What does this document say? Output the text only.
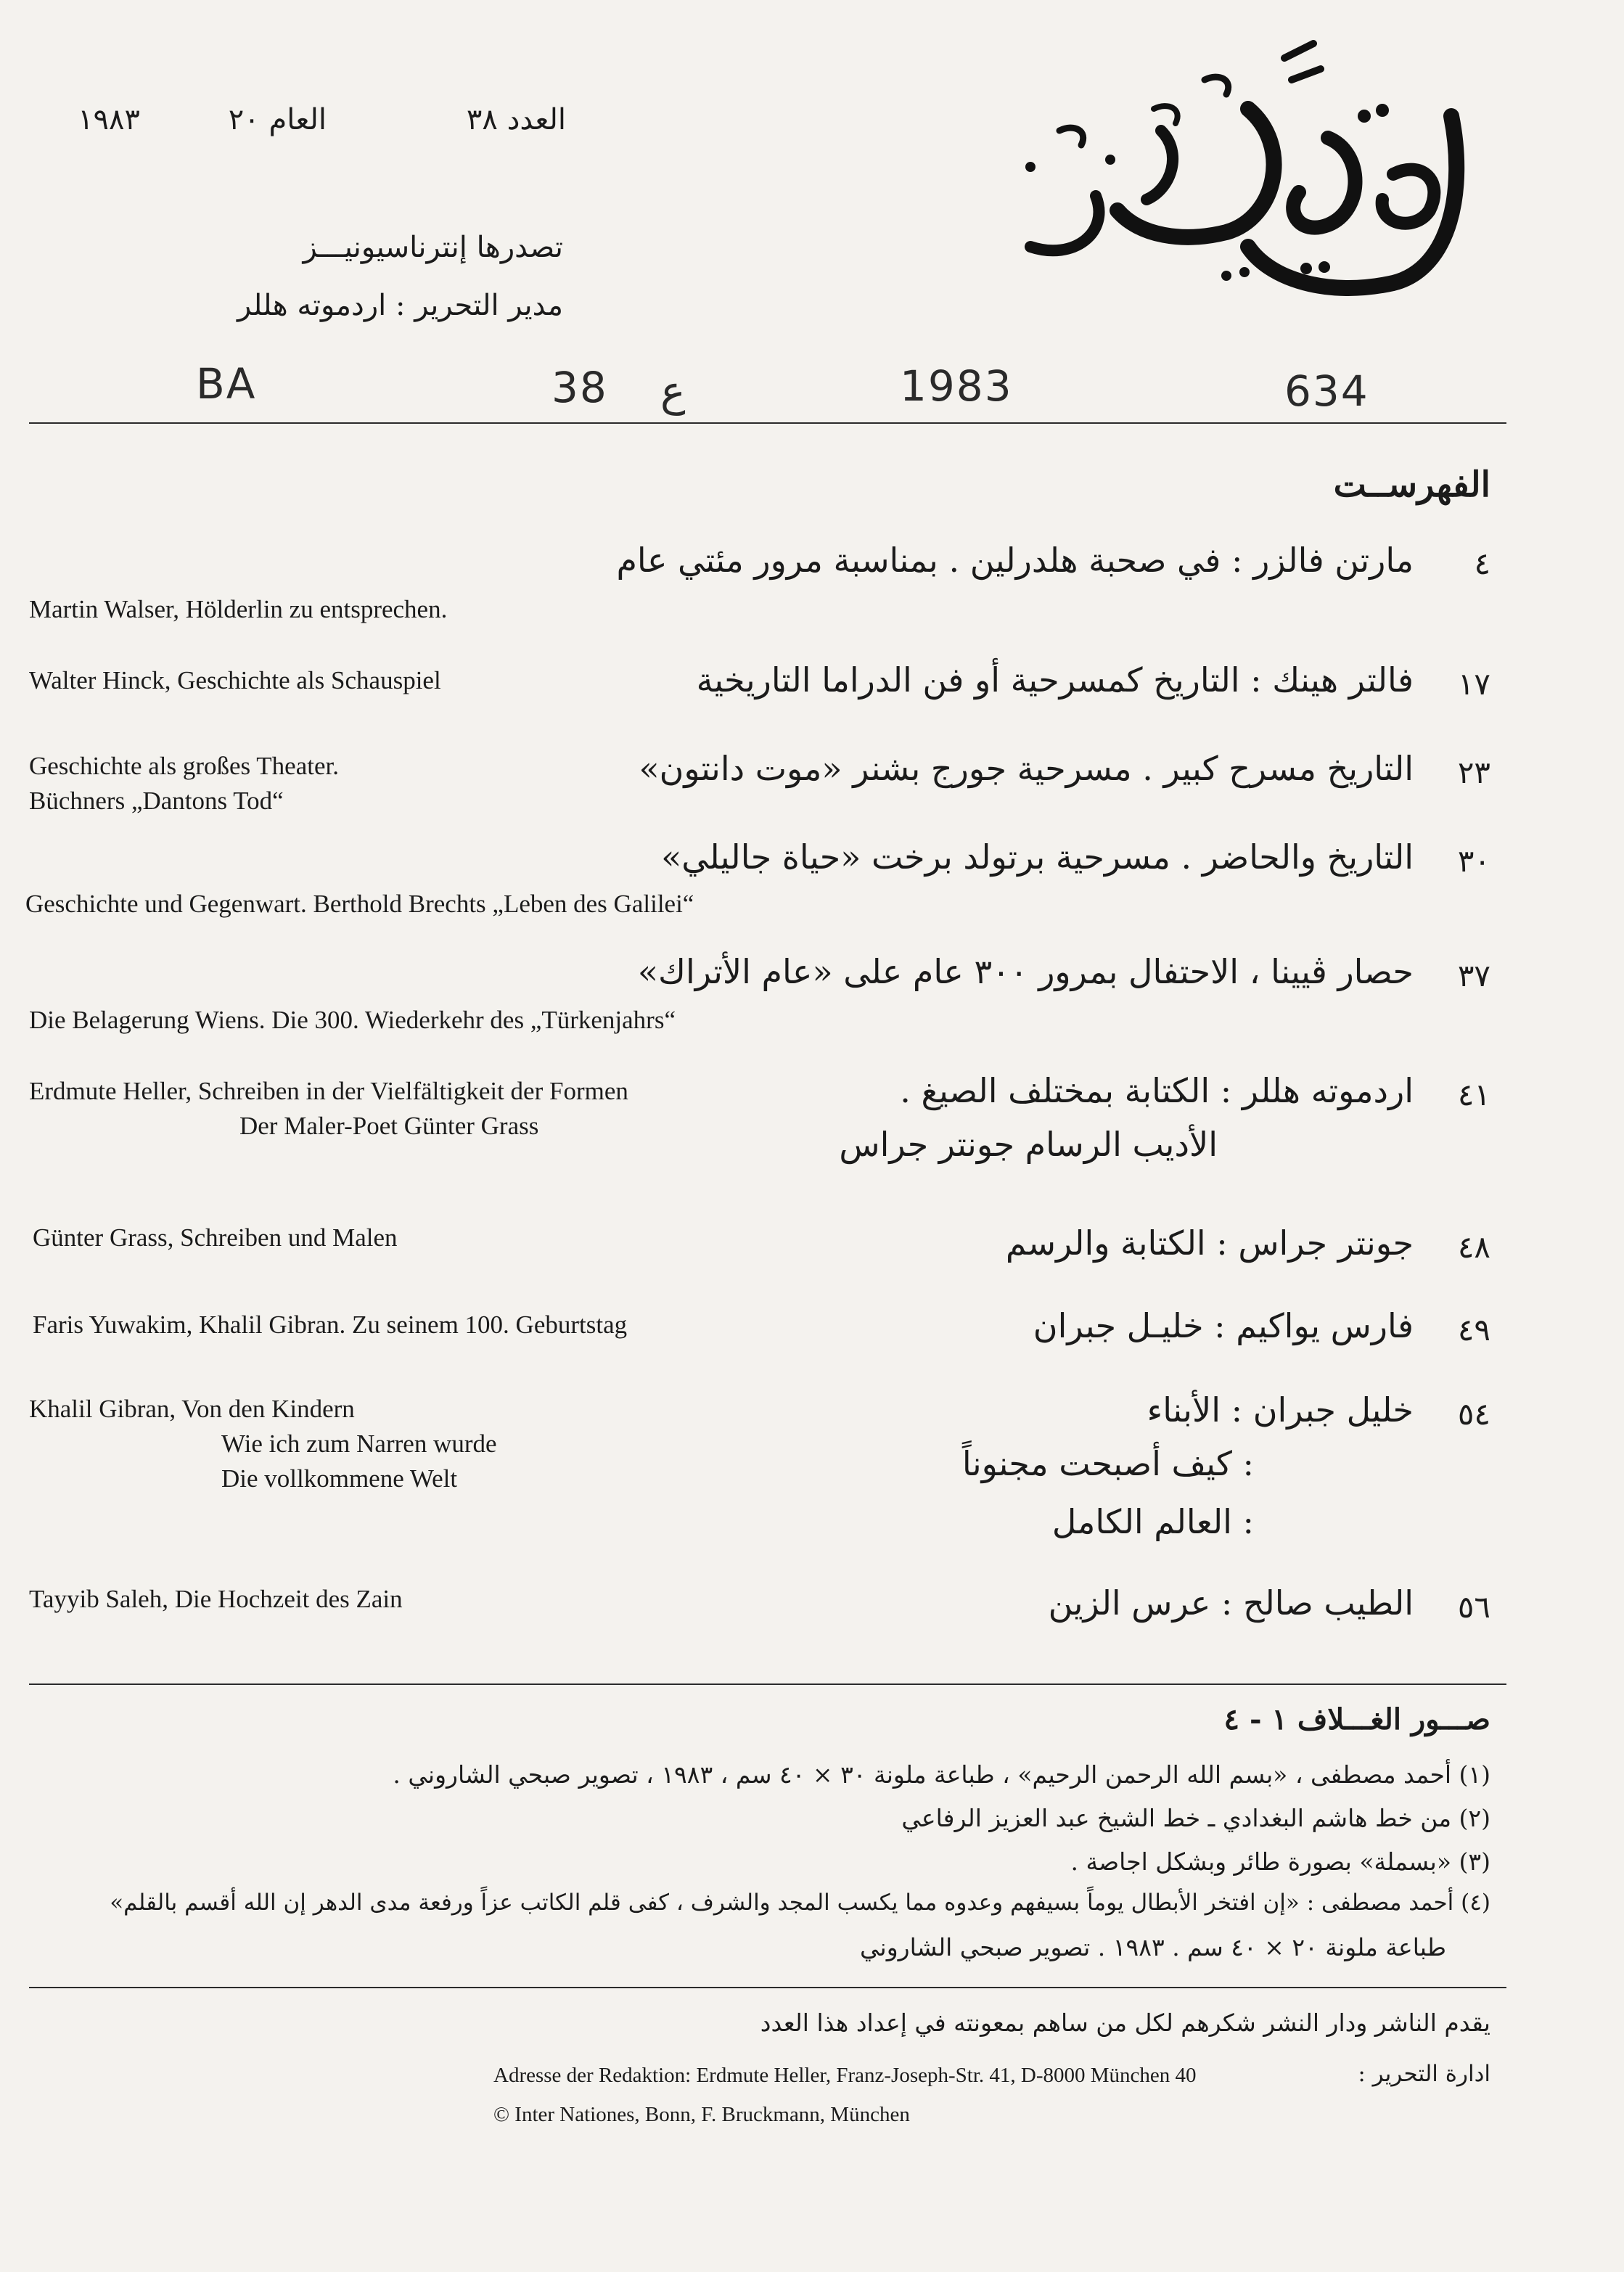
العدد ٣٨
العام ٢٠
١٩٨٣
تصدرها إنترناسيونيـــز
مدير التحرير : اردموته هللر
BA	38 ع	1983	634
الفهرســت
٤
مارتن فالزر : في صحبة هلدرلين . بمناسبة مرور مئتي عام
Martin Walser, Hölderlin zu entsprechen.
١٧
فالتر هينك : التاريخ كمسرحية أو فن الدراما التاريخية
Walter Hinck, Geschichte als Schauspiel
٢٣
التاريخ مسرح كبير . مسرحية جورج بشنر «موت دانتون»
Geschichte als großes Theater.
Büchners „Dantons Tod“
٣٠
التاريخ والحاضر . مسرحية برتولد برخت «حياة جاليلي»
Geschichte und Gegenwart. Berthold Brechts „Leben des Galilei“
٣٧
حصار ڤيينا ، الاحتفال بمرور ٣٠٠ عام على «عام الأتراك»
Die Belagerung Wiens. Die 300. Wiederkehr des „Türkenjahrs“
٤١
اردموته هللر : الكتابة بمختلف الصيغ .
الأديب الرسام جونتر جراس
Erdmute Heller, Schreiben in der Vielfältigkeit der Formen
Der Maler-Poet Günter Grass
٤٨
جونتر جراس : الكتابة والرسم
Günter Grass, Schreiben und Malen
٤٩
فارس يواكيم : خليـل جبران
Faris Yuwakim, Khalil Gibran. Zu seinem 100. Geburtstag
٥٤
خليل جبران : الأبناء
: كيف أصبحت مجنوناً
: العالم الكامل
Khalil Gibran, Von den Kindern
Wie ich zum Narren wurde
Die vollkommene Welt
٥٦
الطيب صالح : عرس الزين
Tayyib Saleh, Die Hochzeit des Zain
صـــور الغـــلاف ١ - ٤
(١) أحمد مصطفى ، «بسم الله الرحمن الرحيم» ، طباعة ملونة ٣٠ × ٤٠ سم ، ١٩٨٣ ، تصوير صبحي الشاروني .
(٢) من خط هاشم البغدادي ـ خط الشيخ عبد العزيز الرفاعي
(٣) «بسملة» بصورة طائر وبشكل اجاصة .
(٤) أحمد مصطفى : «إن افتخر الأبطال يوماً بسيفهم وعدوه مما يكسب المجد والشرف ، كفى قلم الكاتب عزاً ورفعة مدى الدهر إن الله أقسم بالقلم»
طباعة ملونة ٢٠ × ٤٠ سم . ١٩٨٣ . تصوير صبحي الشاروني
يقدم الناشر ودار النشر شكرهم لكل من ساهم بمعونته في إعداد هذا العدد
ادارة التحرير :
Adresse der Redaktion: Erdmute Heller, Franz-Joseph-Str. 41, D-8000 München 40
© Inter Nationes, Bonn, F. Bruckmann, München
